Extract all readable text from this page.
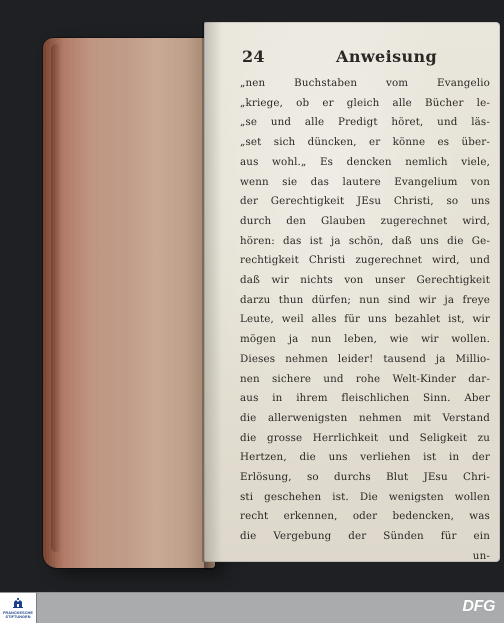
24	Anweisung
„nen Buchstaben vom Evangelio
„kriege, ob er gleich alle Bücher le-
„se und alle Predigt höret, und läs-
„set sich düncken, er könne es über-
aus wohl.„ Es dencken nemlich viele,
wenn sie das lautere Evangelium von
der Gerechtigkeit JEsu Christi, so uns
durch den Glauben zugerechnet wird,
hören: das ist ja schön, daß uns die Ge-
rechtigkeit Christi zugerechnet wird, und
daß wir nichts von unser Gerechtigkeit
darzu thun dürfen; nun sind wir ja freye
Leute, weil alles für uns bezahlet ist, wir
mögen ja nun leben, wie wir wollen.
Dieses nehmen leider! tausend ja Millio-
nen sichere und rohe Welt-Kinder dar-
aus in ihrem fleischlichen Sinn. Aber
die allerwenigsten nehmen mit Verstand
die grosse Herrlichkeit und Seligkeit zu
Hertzen, die uns verliehen ist in der
Erlösung, so durchs Blut JEsu Chri-
sti geschehen ist. Die wenigsten wollen
recht erkennen, oder bedencken, was
die Vergebung der Sünden für ein
un-
FRANCKESCHE STIFTUNGEN
DFG
